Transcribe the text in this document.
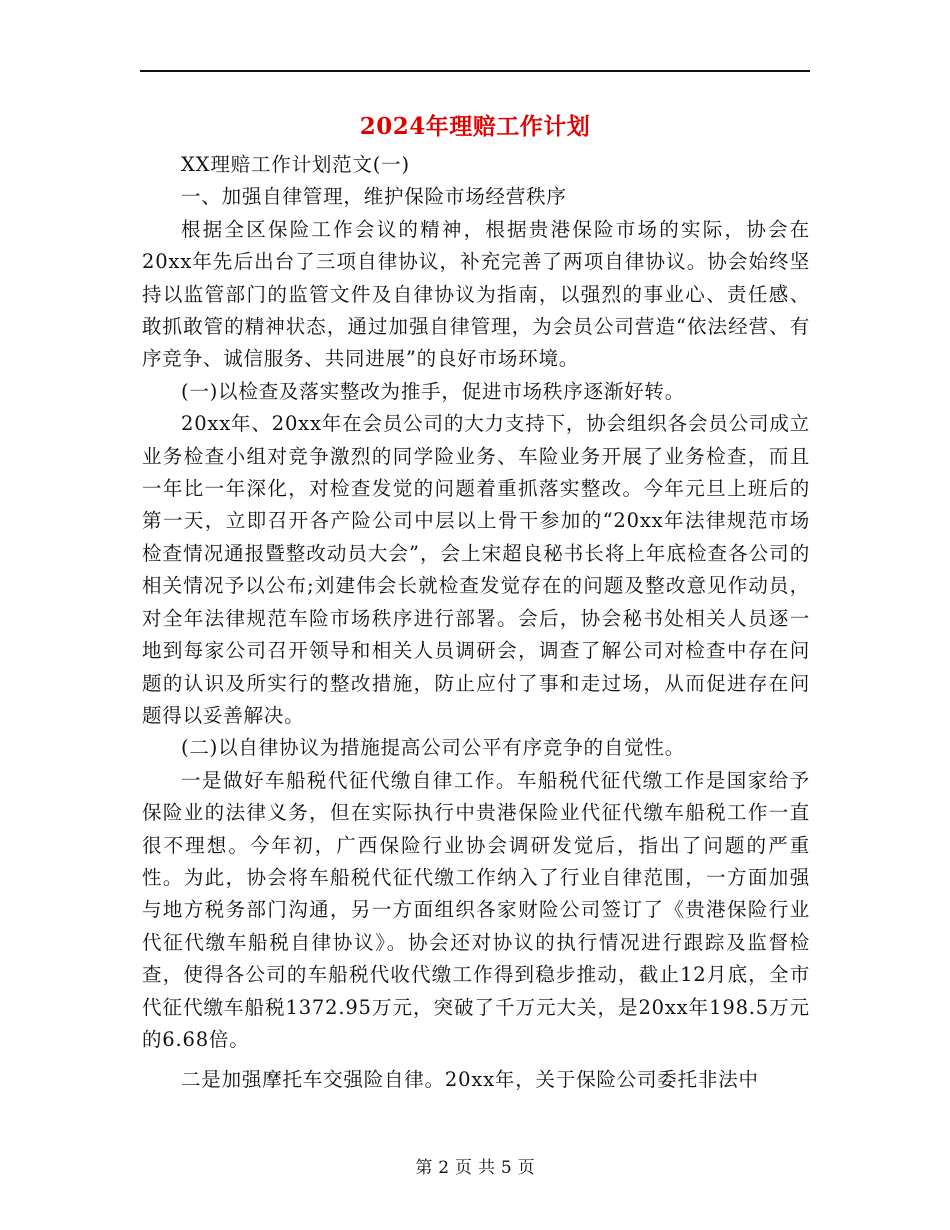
2024年理赔工作计划

XX理赔工作计划范文(一)

一、加强自律管理，维护保险市场经营秩序

根据全区保险工作会议的精神，根据贵港保险市场的实际，协会在20xx年先后出台了三项自律协议，补充完善了两项自律协议。协会始终坚持以监管部门的监管文件及自律协议为指南，以强烈的事业心、责任感、敢抓敢管的精神状态，通过加强自律管理，为会员公司营造“依法经营、有序竞争、诚信服务、共同进展”的良好市场环境。

(一)以检查及落实整改为推手，促进市场秩序逐渐好转。

20xx年、20xx年在会员公司的大力支持下，协会组织各会员公司成立业务检查小组对竞争激烈的同学险业务、车险业务开展了业务检查，而且一年比一年深化，对检查发觉的问题着重抓落实整改。今年元旦上班后的第一天，立即召开各产险公司中层以上骨干参加的“20xx年法律规范市场检查情况通报暨整改动员大会”，会上宋超良秘书长将上年底检查各公司的相关情况予以公布;刘建伟会长就检查发觉存在的问题及整改意见作动员，对全年法律规范车险市场秩序进行部署。会后，协会秘书处相关人员逐一地到每家公司召开领导和相关人员调研会，调查了解公司对检查中存在问题的认识及所实行的整改措施，防止应付了事和走过场，从而促进存在问题得以妥善解决。

(二)以自律协议为措施提高公司公平有序竞争的自觉性。

一是做好车船税代征代缴自律工作。车船税代征代缴工作是国家给予保险业的法律义务，但在实际执行中贵港保险业代征代缴车船税工作一直很不理想。今年初，广西保险行业协会调研发觉后，指出了问题的严重性。为此，协会将车船税代征代缴工作纳入了行业自律范围，一方面加强与地方税务部门沟通，另一方面组织各家财险公司签订了《贵港保险行业代征代缴车船税自律协议》。协会还对协议的执行情况进行跟踪及监督检查，使得各公司的车船税代收代缴工作得到稳步推动，截止12月底，全市代征代缴车船税1372.95万元，突破了千万元大关，是20xx年198.5万元的6.68倍。

二是加强摩托车交强险自律。20xx年，关于保险公司委托非法中

第 2 页 共 5 页
